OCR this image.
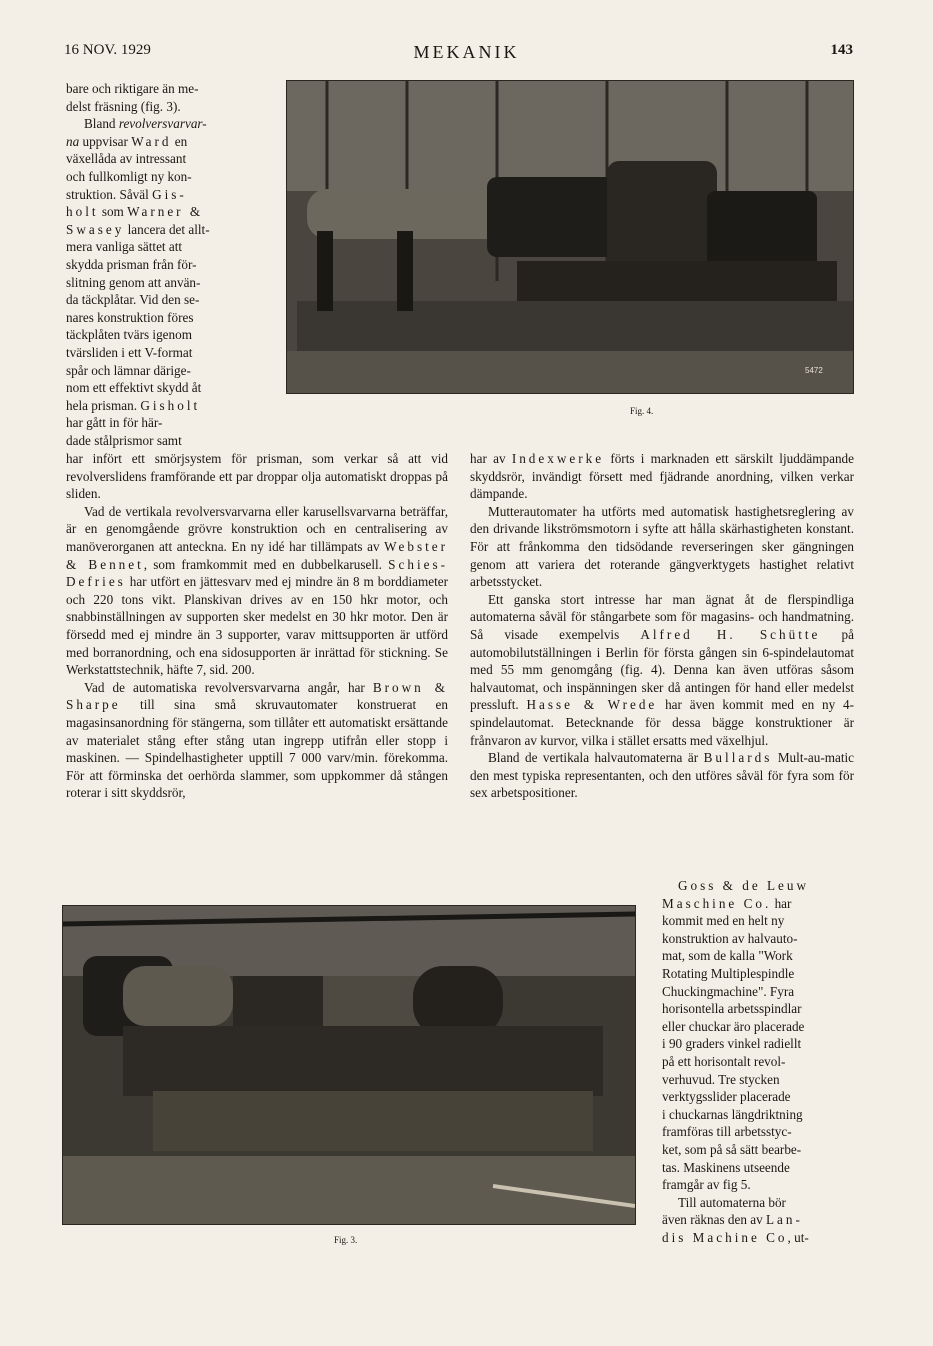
16 NOV. 1929	MEKANIK	143
5472
Fig. 4.
bare och riktigare än me-
delst fräsning (fig. 3).
Bland revolversvarvar-
na uppvisar Ward en
växellåda av intressant
och fullkomligt ny kon-
struktion. Såväl Gis-
holt som Warner &
Swasey lancera det allt-
mera vanliga sättet att
skydda prisman från för-
slitning genom att använ-
da täckplåtar. Vid den se-
nares konstruktion föres
täckplåten tvärs igenom
tvärsliden i ett V-format
spår och lämnar därige-
nom ett effektivt skydd åt
hela prisman. Gisholt
har gått in för här-
dade stålprismor samt

har infört ett smörjsystem för prisman, som verkar så att vid revolverslidens framförande ett par droppar olja automatiskt droppas på sliden.

Vad de vertikala revolversvarvarna eller karusellsvarvarna beträffar, är en genomgående grövre konstruktion och en centralisering av manöverorganen att anteckna. En ny idé har tillämpats av Webster & Bennet, som framkommit med en dubbelkarusell. Schies-Defries har utfört en jättesvarv med ej mindre än 8 m borddiameter och 220 tons vikt. Planskivan drives av en 150 hkr motor, och snabbinställningen av supporten sker medelst en 30 hkr motor. Den är försedd med ej mindre än 3 supporter, varav mittsupporten är utförd med borranordning, och ena sidosupporten är inrättad för stickning. Se Werkstattstechnik, häfte 7, sid. 200.

Vad de automatiska revolversvarvarna angår, har Brown & Sharpe till sina små skruvautomater konstruerat en magasinsanordning för stängerna, som tillåter ett automatiskt ersättande av materialet stång efter stång utan ingrepp utifrån eller stopp i maskinen. — Spindelhastigheter upptill 7 000 varv/min. förekomma. För att förminska det oerhörda slammer, som uppkommer då stången roterar i sitt skyddsrör,

har av Indexwerke förts i marknaden ett särskilt ljuddämpande skyddsrör, invändigt försett med fjädrande anordning, vilken verkar dämpande.

Mutterautomater ha utförts med automatisk hastighetsreglering av den drivande likströmsmotorn i syfte att hålla skärhastigheten konstant. För att frånkomma den tidsödande reverseringen sker gängningen genom att variera det roterande gängverktygets hastighet relativt arbetsstycket.

Ett ganska stort intresse har man ägnat åt de flerspindliga automaterna såväl för stångarbete som för magasins- och handmatning. Så visade exempelvis Alfred H. Schütte på automobilutställningen i Berlin för första gången sin 6-spindelautomat med 55 mm genomgång (fig. 4). Denna kan även utföras såsom halvautomat, och inspänningen sker då antingen för hand eller medelst pressluft. Hasse & Wrede har även kommit med en ny 4-spindelautomat. Betecknande för dessa bägge konstruktioner är frånvaron av kurvor, vilka i stället ersatts med växelhjul.

Bland de vertikala halvautomaterna är Bullards Mult-au-matic den mest typiska representanten, och den utföres såväl för fyra som för sex arbetspositioner.

Fig. 3.
Goss & de Leuw
Maschine Co. har
kommit med en helt ny
konstruktion av halvauto-
mat, som de kalla "Work
Rotating Multiplespindle
Chuckingmachine". Fyra
horisontella arbetsspindlar
eller chuckar äro placerade
i 90 graders vinkel radiellt
på ett horisontalt revol-
verhuvud. Tre stycken
verktygsslider placerade
i chuckarnas längdriktning
framföras till arbetsstyc-
ket, som på så sätt bearbe-
tas. Maskinens utseende
framgår av fig 5.
Till automaterna bör
även räknas den av Lan-
dis Machine Co, ut-
